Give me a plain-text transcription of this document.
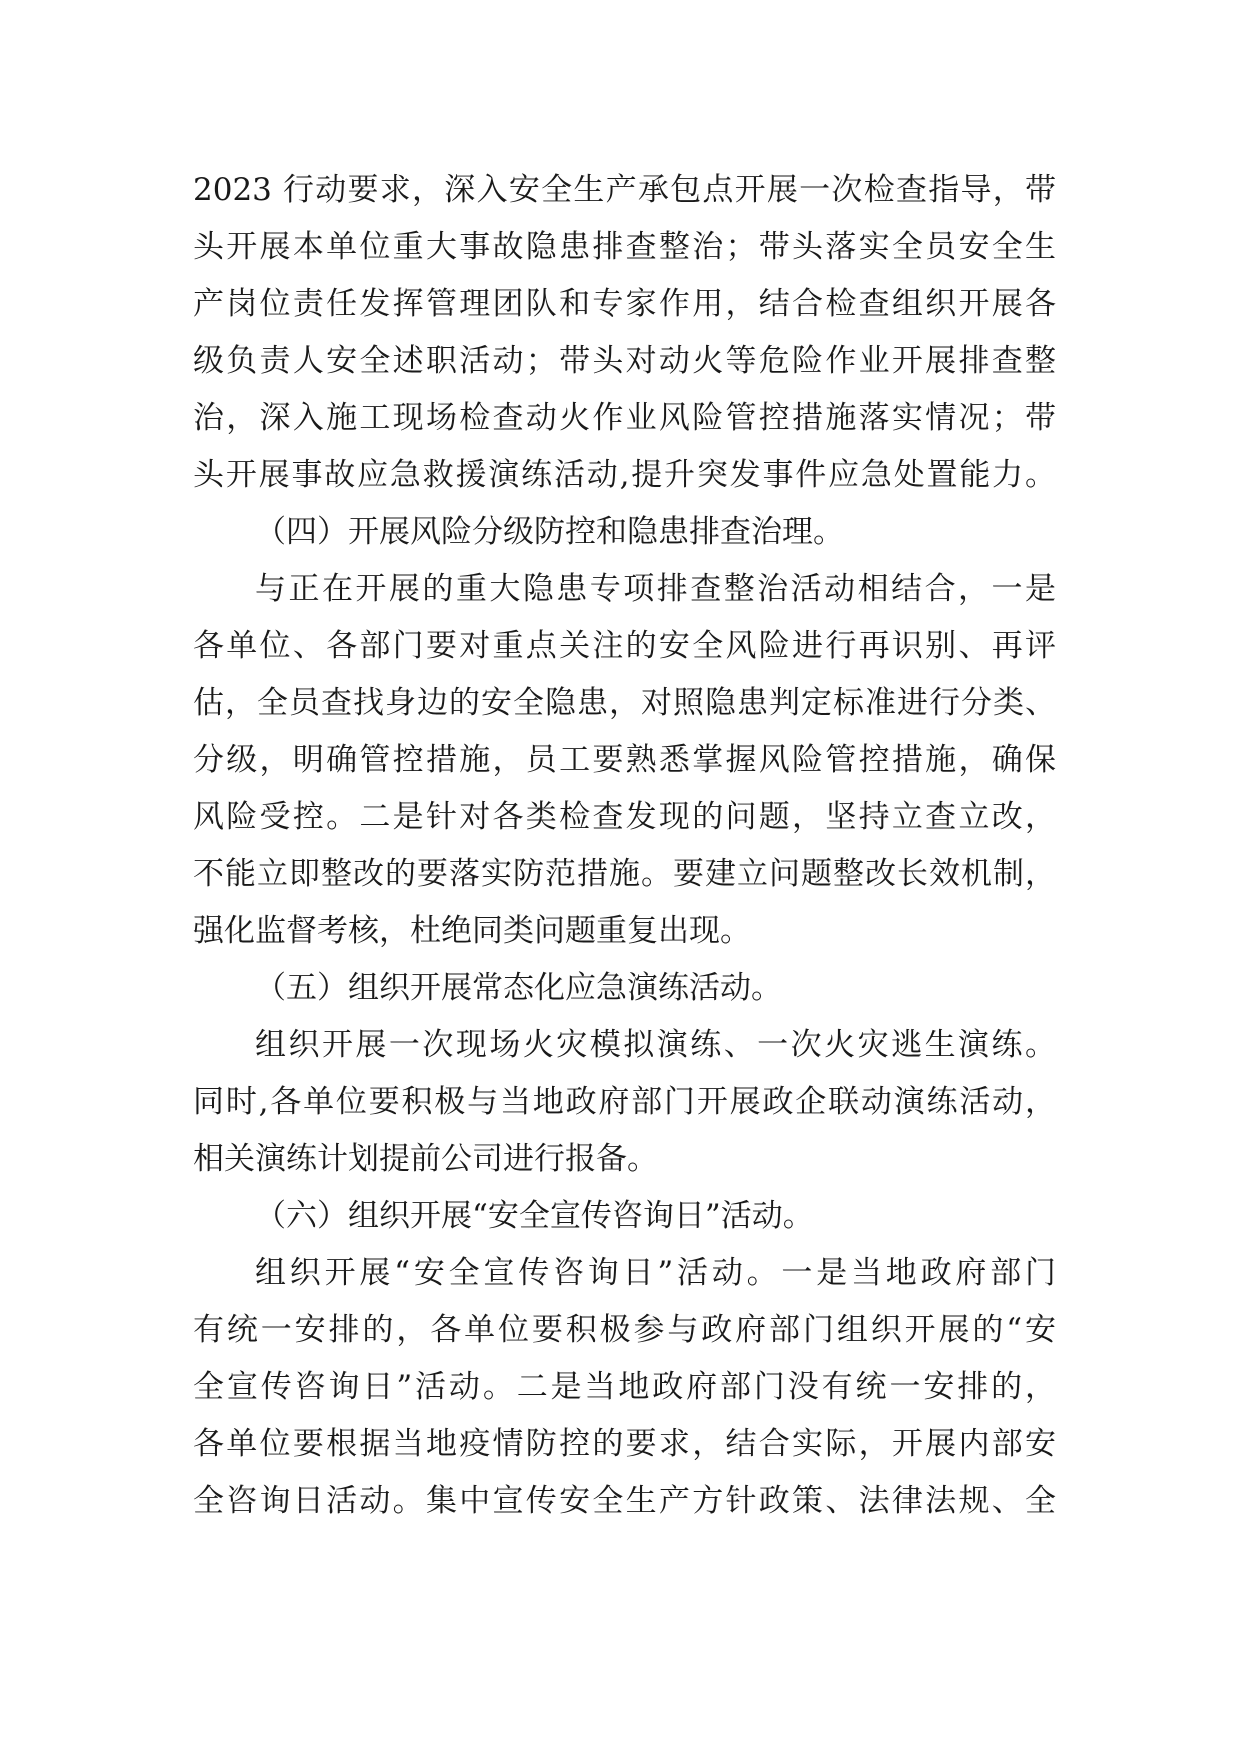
2023 行动要求，深入安全生产承包点开展一次检查指导，带
头开展本单位重大事故隐患排查整治；带头落实全员安全生
产岗位责任发挥管理团队和专家作用，结合检查组织开展各
级负责人安全述职活动；带头对动火等危险作业开展排查整
治，深入施工现场检查动火作业风险管控措施落实情况；带
头开展事故应急救援演练活动,提升突发事件应急处置能力。
（四）开展风险分级防控和隐患排查治理。
与正在开展的重大隐患专项排查整治活动相结合，一是
各单位、各部门要对重点关注的安全风险进行再识别、再评
估，全员查找身边的安全隐患，对照隐患判定标准进行分类、
分级，明确管控措施，员工要熟悉掌握风险管控措施，确保
风险受控。二是针对各类检查发现的问题，坚持立查立改，
不能立即整改的要落实防范措施。要建立问题整改长效机制，
强化监督考核，杜绝同类问题重复出现。
（五）组织开展常态化应急演练活动。
组织开展一次现场火灾模拟演练、一次火灾逃生演练。
同时,各单位要积极与当地政府部门开展政企联动演练活动，
相关演练计划提前公司进行报备。
（六）组织开展“安全宣传咨询日”活动。
组织开展“安全宣传咨询日”活动。一是当地政府部门
有统一安排的，各单位要积极参与政府部门组织开展的“安
全宣传咨询日”活动。二是当地政府部门没有统一安排的，
各单位要根据当地疫情防控的要求，结合实际，开展内部安
全咨询日活动。集中宣传安全生产方针政策、法律法规、全
